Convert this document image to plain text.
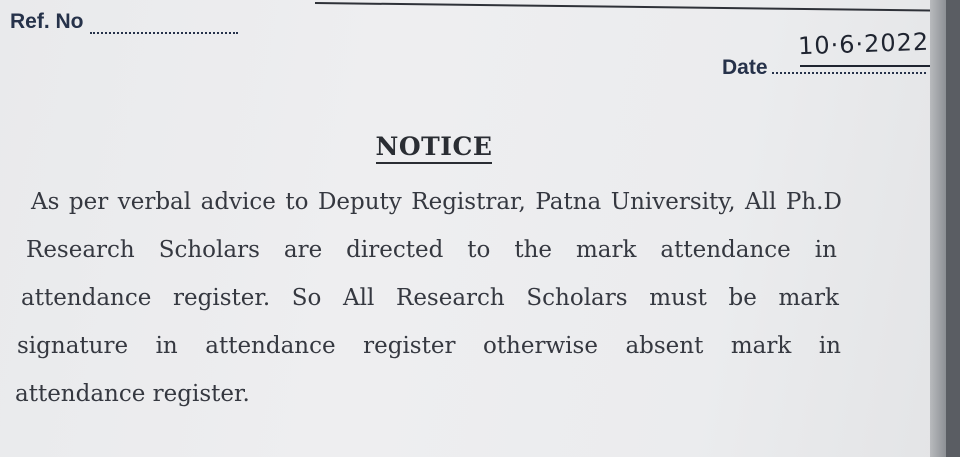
Ref. No
Date
10·6·2022
NOTICE
As per verbal advice to Deputy Registrar, Patna University, All Ph.D
Research Scholars are directed to the mark attendance in
attendance register. So All Research Scholars must be mark
signature in attendance register otherwise absent mark in
attendance register.
